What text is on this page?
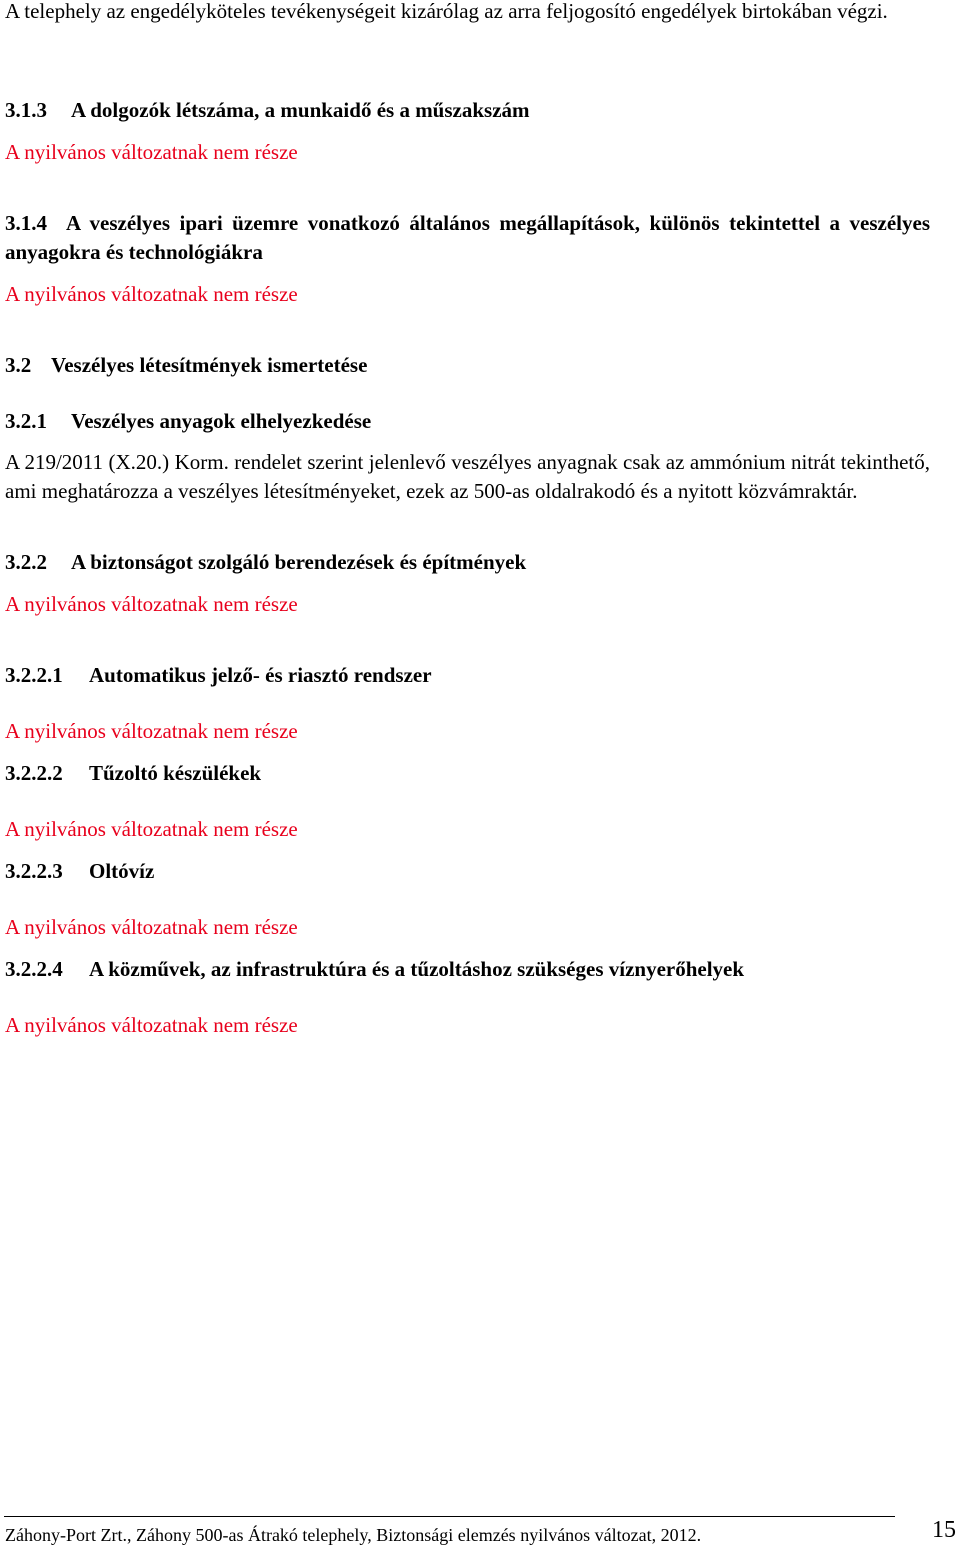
A telephely az engedélyköteles tevékenységeit kizárólag az arra feljogosító engedélyek birtokában végzi.

3.1.3 A dolgozók létszáma, a munkaidő és a műszakszám
A nyilvános változatnak nem része
3.1.4 A veszélyes ipari üzemre vonatkozó általános megállapítások, különös tekintettel a veszélyes anyagokra és technológiákra
A nyilvános változatnak nem része
3.2 Veszélyes létesítmények ismertetése
3.2.1 Veszélyes anyagok elhelyezkedése

A 219/2011 (X.20.) Korm. rendelet szerint jelenlevő veszélyes anyagnak csak az ammónium nitrát tekinthető, ami meghatározza a veszélyes létesítményeket, ezek az 500-as oldalrakodó és a nyitott közvámraktár.

3.2.2 A biztonságot szolgáló berendezések és építmények
A nyilvános változatnak nem része
3.2.2.1 Automatikus jelző- és riasztó rendszer
A nyilvános változatnak nem része
3.2.2.2 Tűzoltó készülékek
A nyilvános változatnak nem része
3.2.2.3 Oltóvíz
A nyilvános változatnak nem része
3.2.2.4 A közművek, az infrastruktúra és a tűzoltáshoz szükséges víznyerőhelyek
A nyilvános változatnak nem része
Záhony-Port Zrt., Záhony 500-as Átrakó telephely, Biztonsági elemzés nyilvános változat, 2012.	15
